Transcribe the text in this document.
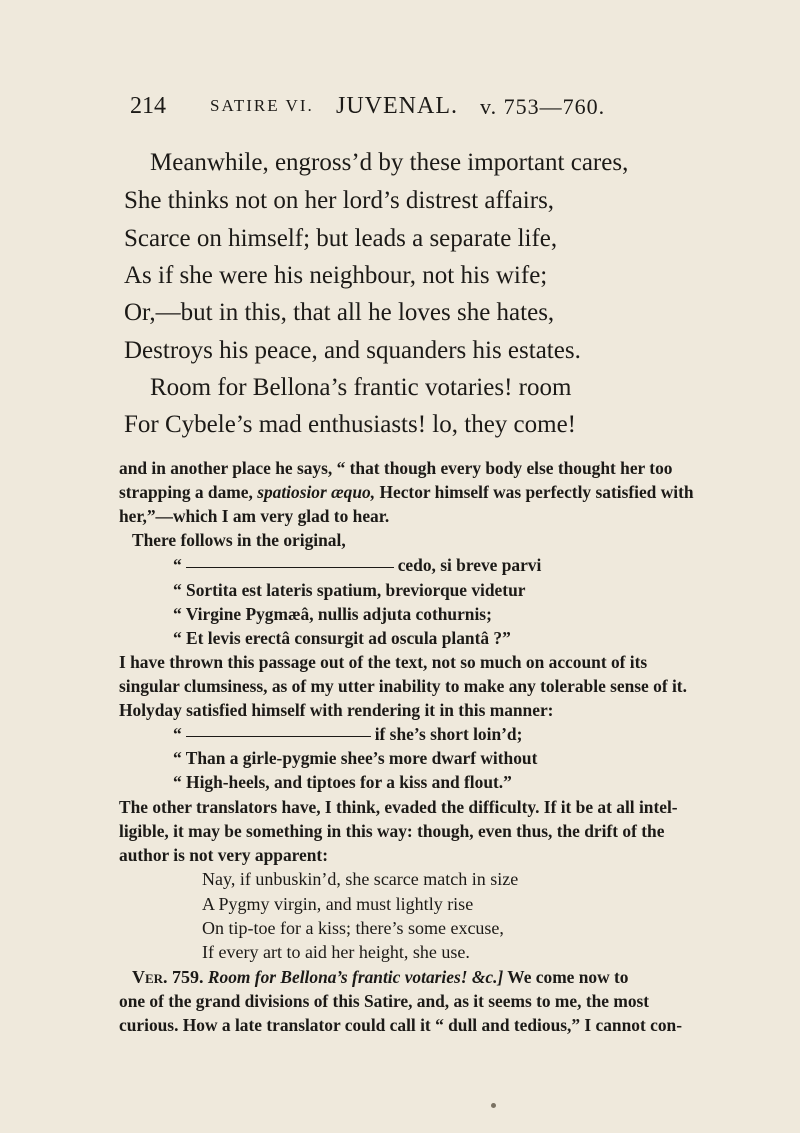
214	SATIRE VI. JUVENAL. v. 753—760.
Meanwhile, engross’d by these important cares,
She thinks not on her lord’s distrest affairs,
Scarce on himself; but leads a separate life,
As if she were his neighbour, not his wife;
Or,—but in this, that all he loves she hates,
Destroys his peace, and squanders his estates.
Room for Bellona’s frantic votaries! room
For Cybele’s mad enthusiasts! lo, they come!
and in another place he says, “ that though every body else thought her too
strapping a dame, spatiosior æquo, Hector himself was perfectly satisfied with
her,”—which I am very glad to hear.
There follows in the original,
“	cedo, si breve parvi
“ Sortita est lateris spatium, breviorque videtur
“ Virgine Pygmæâ, nullis adjuta cothurnis;
“ Et levis erectâ consurgit ad oscula plantâ ?”
I have thrown this passage out of the text, not so much on account of its
singular clumsiness, as of my utter inability to make any tolerable sense of it.
Holyday satisfied himself with rendering it in this manner:
“	if she’s short loin’d;
“ Than a girle-pygmie shee’s more dwarf without
“ High-heels, and tiptoes for a kiss and flout.”
The other translators have, I think, evaded the difficulty. If it be at all intel-
ligible, it may be something in this way: though, even thus, the drift of the
author is not very apparent:
Nay, if unbuskin’d, she scarce match in size
A Pygmy virgin, and must lightly rise
On tip-toe for a kiss; there’s some excuse,
If every art to aid her height, she use.
Ver. 759. Room for Bellona’s frantic votaries! &c.] We come now to
one of the grand divisions of this Satire, and, as it seems to me, the most
curious. How a late translator could call it “ dull and tedious,” I cannot con-
